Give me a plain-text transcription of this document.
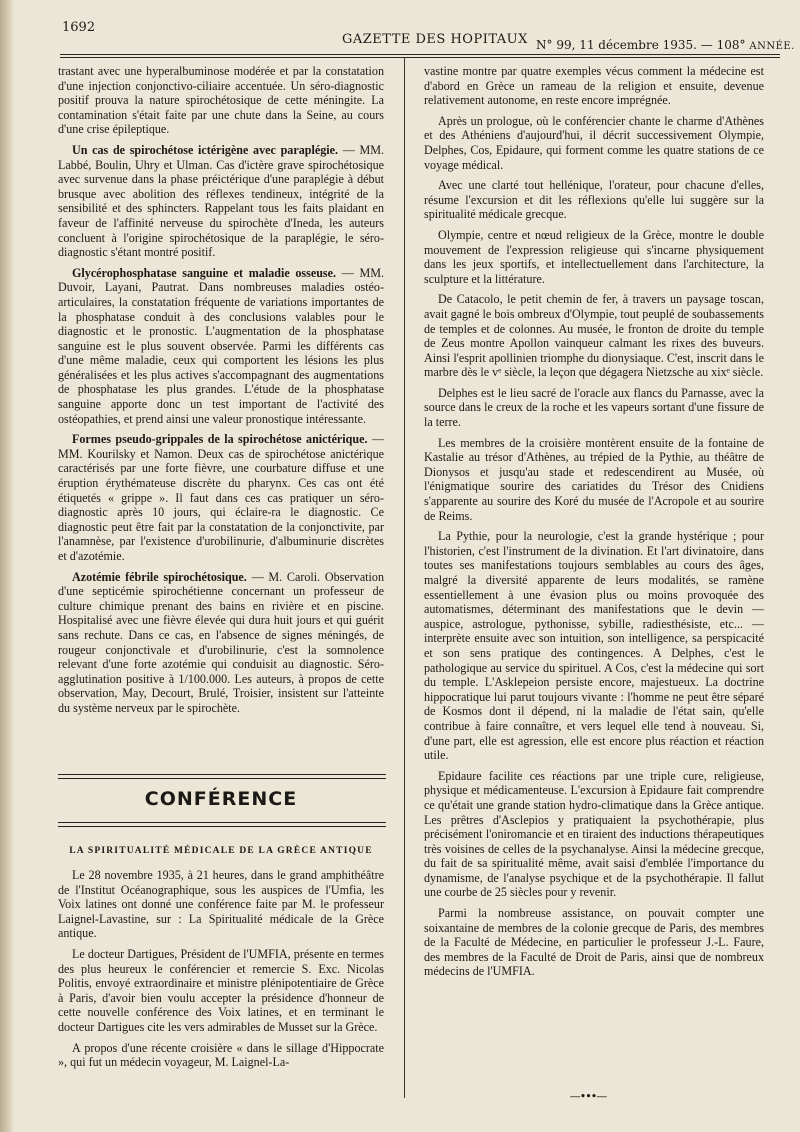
1692
GAZETTE DES HOPITAUX N° 99, 11 décembre 1935. — 108° ANNÉE.

trastant avec une hyperalbuminose modérée et par la constatation d'une injection conjonctivo-ciliaire accentuée. Un séro-diagnostic positif prouva la nature spirochétosique de cette méningite. La contamination s'était faite par une chute dans la Seine, au cours d'une crise épileptique.

Un cas de spirochétose ictérigène avec paraplégie. — MM. Labbé, Boulin, Uhry et Ulman. Cas d'ictère grave spirochétosique avec survenue dans la phase préictérique d'une paraplégie à début brusque avec abolition des réflexes tendineux, intégrité de la sensibilité et des sphincters. Rappelant tous les faits plaidant en faveur de l'affinité nerveuse du spirochète d'Ineda, les auteurs concluent à l'origine spirochétosique de la paraplégie, le séro-diagnostic s'étant montré positif.

Glycérophosphatase sanguine et maladie osseuse. — MM. Duvoir, Layani, Pautrat. Dans nombreuses maladies ostéo-articulaires, la constatation fréquente de variations importantes de la phosphatase conduit à des conclusions valables pour le diagnostic et le pronostic. L'augmentation de la phosphatase sanguine est le plus souvent observée. Parmi les différents cas d'une même maladie, ceux qui comportent les lésions les plus généralisées et les plus actives s'accompagnant des augmentations de phosphatase les plus grandes. L'étude de la phosphatase sanguine apporte donc un test important de l'activité des ostéopathies, et prend ainsi une valeur pronostique intéressante.

Formes pseudo-grippales de la spirochétose anictérique. — MM. Kourilsky et Namon. Deux cas de spirochétose anictérique caractérisés par une forte fièvre, une courbature diffuse et une éruption érythémateuse discrète du pharynx. Ces cas ont été étiquetés « grippe ». Il faut dans ces cas pratiquer un séro-diagnostic après 10 jours, qui éclaire-ra le diagnostic. Ce diagnostic peut être fait par la constatation de la conjonctivite, par l'anamnèse, par l'existence d'urobilinurie, d'albuminurie discrètes et d'azotémie.

Azotémie fébrile spirochétosique. — M. Caroli. Observation d'une septicémie spirochétienne concernant un professeur de culture chimique prenant des bains en rivière et en piscine. Hospitalisé avec une fièvre élevée qui dura huit jours et qui guérit sans rechute. Dans ce cas, en l'absence de signes méningés, de rougeur conjonctivale et d'urobilinurie, c'est la somnolence relevant d'une forte azotémie qui conduisit au diagnostic. Séro-agglutination positive à 1/100.000. Les auteurs, à propos de cette observation, May, Decourt, Brulé, Troisier, insistent sur l'atteinte du système nerveux par le spirochète.

CONFÉRENCE
LA SPIRITUALITÉ MÉDICALE DE LA GRÈCE ANTIQUE

Le 28 novembre 1935, à 21 heures, dans le grand amphithéâtre de l'Institut Océanographique, sous les auspices de l'Umfia, les Voix latines ont donné une conférence faite par M. le professeur Laignel-Lavastine, sur : La Spiritualité médicale de la Grèce antique.

Le docteur Dartigues, Président de l'UMFIA, présente en termes des plus heureux le conférencier et remercie S. Exc. Nicolas Politis, envoyé extraordinaire et ministre plénipotentiaire de Grèce à Paris, d'avoir bien voulu accepter la présidence d'honneur de cette nouvelle conférence des Voix latines, et en terminant le docteur Dartigues cite les vers admirables de Musset sur la Grèce.

A propos d'une récente croisière « dans le sillage d'Hippocrate », qui fut un médecin voyageur, M. Laignel-La-

vastine montre par quatre exemples vécus comment la médecine est d'abord en Grèce un rameau de la religion et ensuite, devenue relativement autonome, en reste encore imprégnée.

Après un prologue, où le conférencier chante le charme d'Athènes et des Athéniens d'aujourd'hui, il décrit successivement Olympie, Delphes, Cos, Epidaure, qui forment comme les quatre stations de ce voyage médical.

Avec une clarté tout hellénique, l'orateur, pour chacune d'elles, résume l'excursion et dit les réflexions qu'elle lui suggère sur la spiritualité médicale grecque.

Olympie, centre et nœud religieux de la Grèce, montre le double mouvement de l'expression religieuse qui s'incarne physiquement dans les jeux sportifs, et intellectuellement dans l'architecture, la sculpture et la littérature.

De Catacolo, le petit chemin de fer, à travers un paysage toscan, avait gagné le bois ombreux d'Olympie, tout peuplé de soubassements de temples et de colonnes. Au musée, le fronton de droite du temple de Zeus montre Apollon vainqueur calmant les rixes des buveurs. Ainsi l'esprit apollinien triomphe du dionysiaque. C'est, inscrit dans le marbre dès le vᵉ siècle, la leçon que dégagera Nietzsche au xixᵉ siècle.

Delphes est le lieu sacré de l'oracle aux flancs du Parnasse, avec la source dans le creux de la roche et les vapeurs sortant d'une fissure de la terre.

Les membres de la croisière montèrent ensuite de la fontaine de Kastalie au trésor d'Athènes, au trépied de la Pythie, au théâtre de Dionysos et jusqu'au stade et redescendirent au Musée, où l'énigmatique sourire des cariatides du Trésor des Cnidiens s'apparente au sourire des Koré du musée de l'Acropole et au sourire de Reims.

La Pythie, pour la neurologie, c'est la grande hystérique ; pour l'historien, c'est l'instrument de la divination. Et l'art divinatoire, dans toutes ses manifestations toujours semblables au cours des âges, malgré la diversité apparente de leurs modalités, se ramène essentiellement à une évasion plus ou moins provoquée des automatismes, déterminant des manifestations que le devin — auspice, astrologue, pythonisse, sybille, radiesthésiste, etc... — interprète ensuite avec son intuition, son intelligence, sa perspicacité et son sens pratique des contingences. A Delphes, c'est le pathologique au service du spirituel. A Cos, c'est la médecine qui sort du temple. L'Asklepeion persiste encore, majestueux. La doctrine hippocratique lui parut toujours vivante : l'homme ne peut être séparé de Kosmos dont il dépend, ni la maladie de l'état sain, qu'elle contribue à faire connaître, et vers lequel elle tend à nouveau. Si, d'une part, elle est agression, elle est encore plus réaction et réaction utile.

Epidaure facilite ces réactions par une triple cure, religieuse, physique et médicamenteuse. L'excursion à Epidaure fait comprendre ce qu'était une grande station hydro-climatique dans la Grèce antique. Les prêtres d'Asclepios y pratiquaient la psychothérapie, plus précisément l'oniromancie et en tiraient des inductions thérapeutiques très voisines de celles de la psychanalyse. Ainsi la médecine grecque, du fait de sa spiritualité même, avait saisi d'emblée l'importance du dynamisme, de l'analyse psychique et de la psychothérapie. Il fallut une courbe de 25 siècles pour y revenir.

Parmi la nombreuse assistance, on pouvait compter une soixantaine de membres de la colonie grecque de Paris, des membres de la Faculté de Médecine, en particulier le professeur J.-L. Faure, des membres de la Faculté de Droit de Paris, ainsi que de nombreux médecins de l'UMFIA.

—•••—
